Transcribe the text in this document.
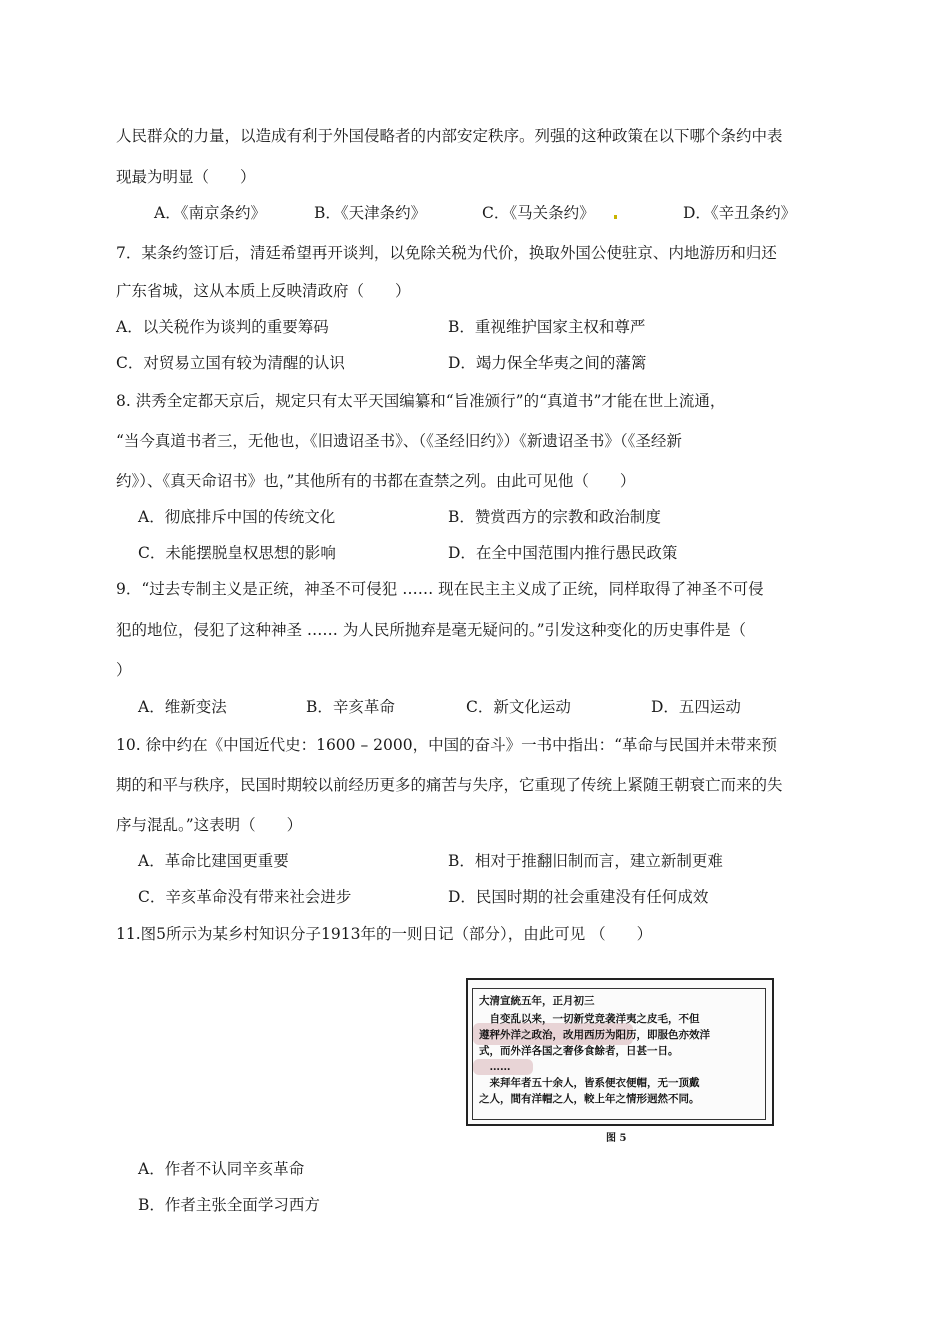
人民群众的力量，以造成有利于外国侵略者的内部安定秩序。列强的这种政策在以下哪个条约中表
现最为明显（　　）
A．《南京条约》	B．《天津条约》	C．《马关条约》	D．《辛丑条约》
7．某条约签订后，清廷希望再开谈判，以免除关税为代价，换取外国公使驻京、内地游历和归还
广东省城，这从本质上反映清政府（　　）
A．以关税作为谈判的重要筹码	B．重视维护国家主权和尊严
C．对贸易立国有较为清醒的认识	D．竭力保全华夷之间的藩篱
8. 洪秀全定都天京后，规定只有太平天国编纂和“旨准颁行”的“真道书”才能在世上流通，
“当今真道书者三，无他也，《旧遗诏圣书》、（《圣经旧约》）《新遗诏圣书》（《圣经新
约》）、《真天命诏书》也，”其他所有的书都在查禁之列。由此可见他（　　）
A．彻底排斥中国的传统文化	B．赞赏西方的宗教和政治制度
C．未能摆脱皇权思想的影响	D．在全中国范围内推行愚民政策
9．“过去专制主义是正统，神圣不可侵犯 …… 现在民主主义成了正统，同样取得了神圣不可侵
犯的地位，侵犯了这种神圣 …… 为人民所抛弃是毫无疑问的。”引发这种变化的历史事件是（
）
A．维新变法	B．辛亥革命	C．新文化运动	D．五四运动
10. 徐中约在《中国近代史：1600 – 2000，中国的奋斗》一书中指出：“革命与民国并未带来预
期的和平与秩序，民国时期较以前经历更多的痛苦与失序，它重现了传统上紧随王朝衰亡而来的失
序与混乱。”这表明（　　）
A．革命比建国更重要	B．相对于推翻旧制而言，建立新制更难
C．辛亥革命没有带来社会进步	D．民国时期的社会重建没有任何成效
11.图5所示为某乡村知识分子1913年的一则日记（部分），由此可见 （　　）
大清宣統五年，正月初三
　自变乱以来，一切新党竞袭洋夷之皮毛，不但
遵秤外洋之政治，改用西历为阳历，即服色亦效洋
式，而外洋各国之奢侈食餘者，日甚一日。
　……
　来拜年者五十余人，皆系便衣便帽，无一顶戴
之人，間有洋帽之人，較上年之情形迥然不同。
图 5
A．作者不认同辛亥革命
B．作者主张全面学习西方
